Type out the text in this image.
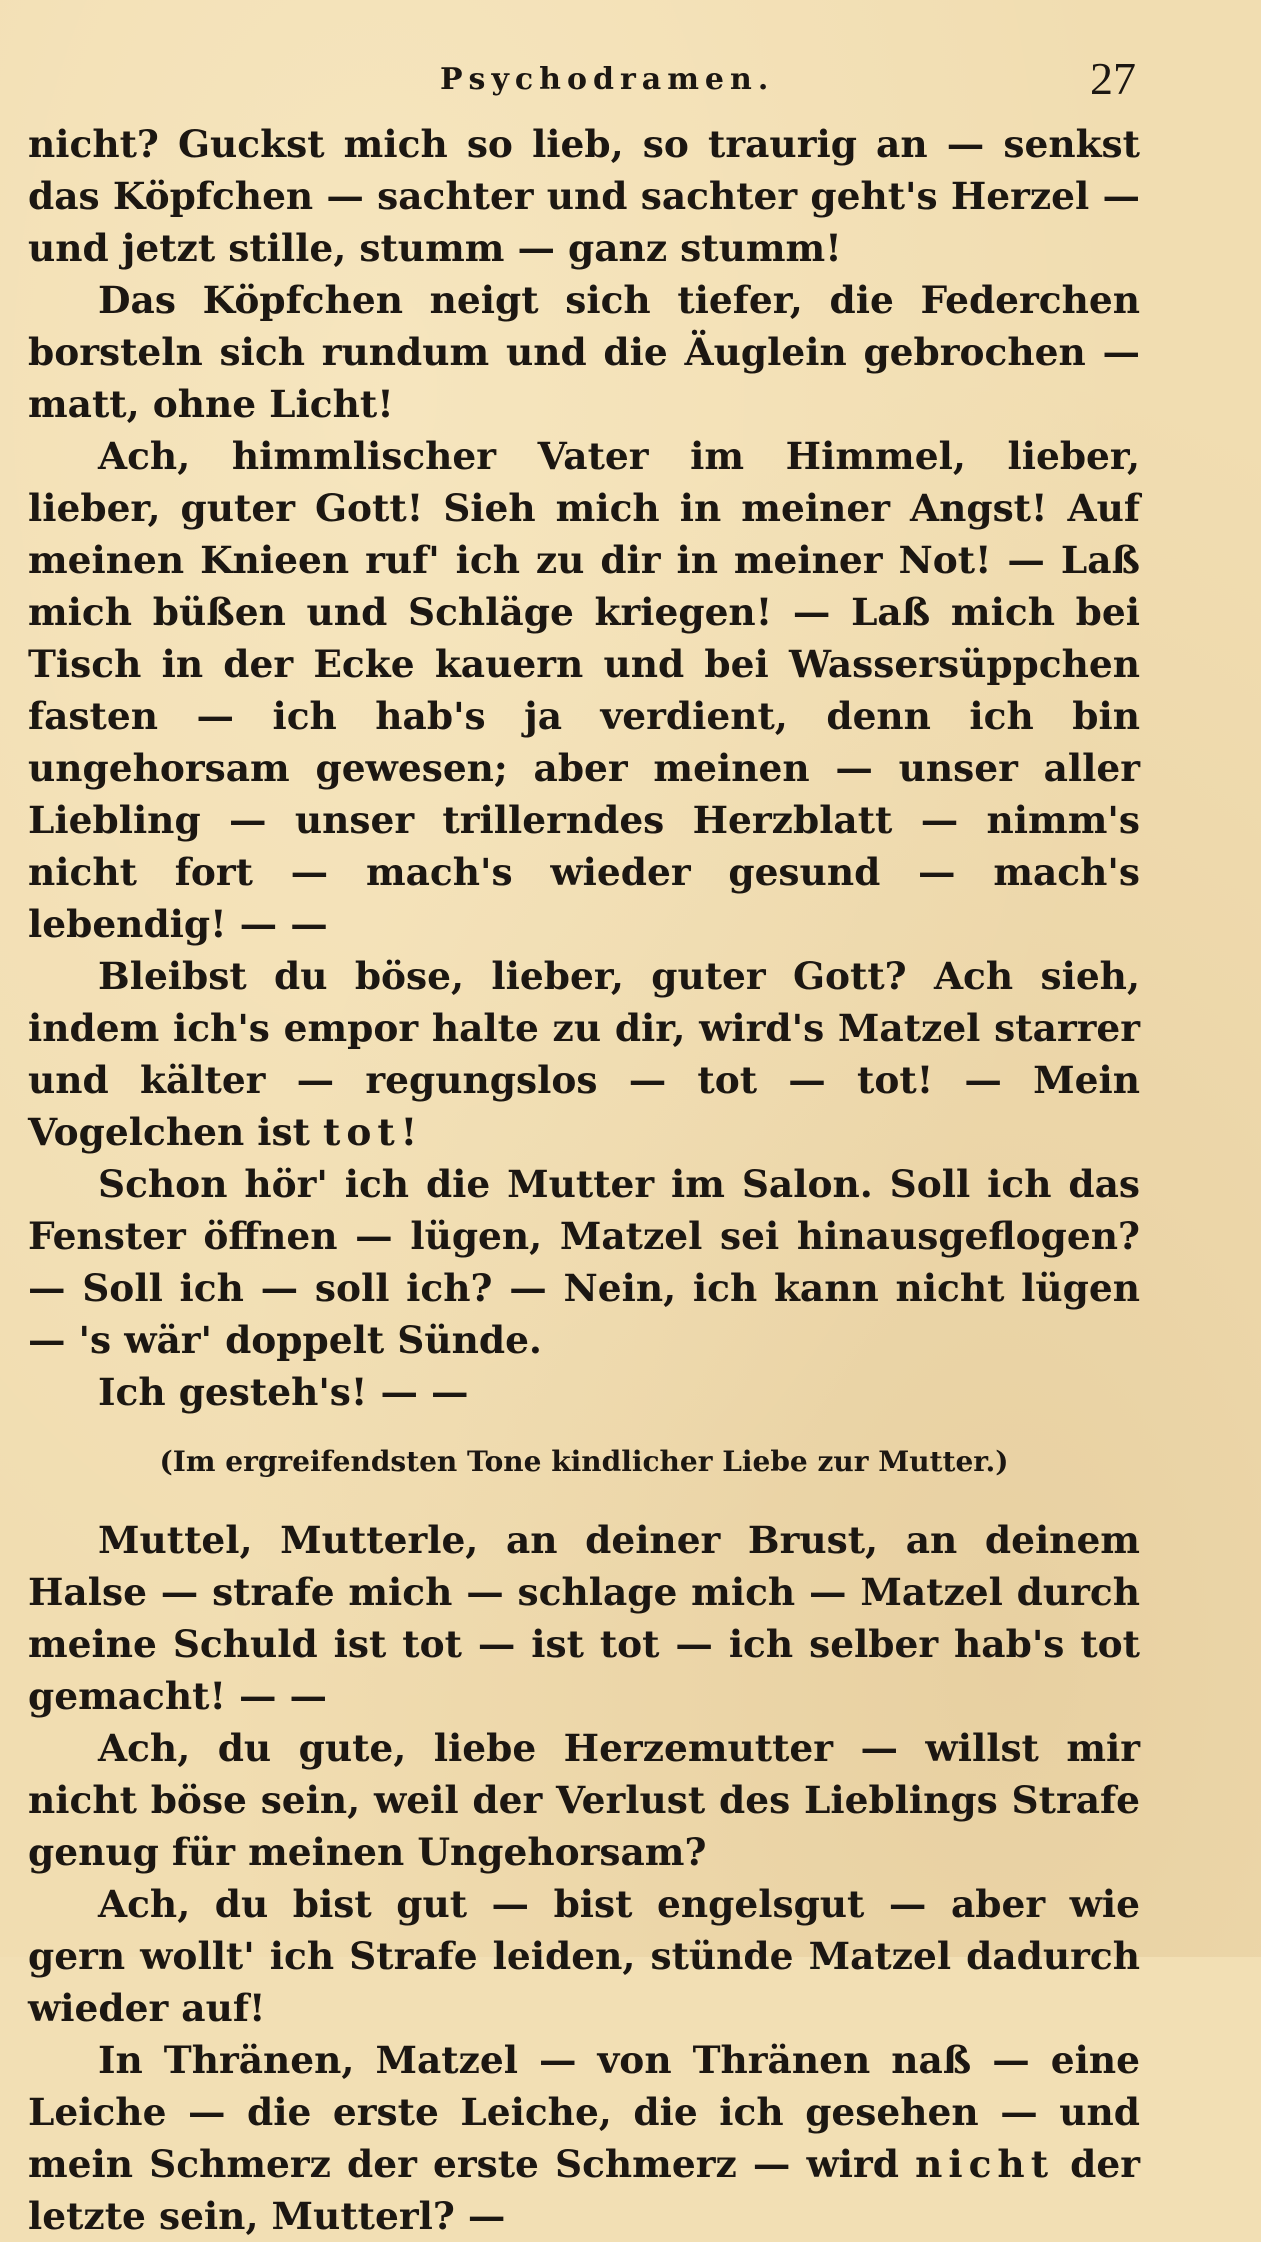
Psychodramen.	27

nicht? Guckst mich so lieb, so traurig an — senkst das Köpfchen — sachter und sachter geht's Herzel — und jetzt stille, stumm — ganz stumm!

Das Köpfchen neigt sich tiefer, die Federchen borsteln sich rundum und die Äuglein gebrochen — matt, ohne Licht!

Ach, himmlischer Vater im Himmel, lieber, lieber, guter Gott! Sieh mich in meiner Angst! Auf meinen Knieen ruf' ich zu dir in meiner Not! — Laß mich büßen und Schläge kriegen! — Laß mich bei Tisch in der Ecke kauern und bei Wassersüppchen fasten — ich hab's ja verdient, denn ich bin ungehorsam gewesen; aber meinen — unser aller Liebling — unser trillerndes Herzblatt — nimm's nicht fort — mach's wieder gesund — mach's lebendig! — —

Bleibst du böse, lieber, guter Gott? Ach sieh, indem ich's empor halte zu dir, wird's Matzel starrer und kälter — regungslos — tot — tot! — Mein Vogelchen ist tot!

Schon hör' ich die Mutter im Salon. Soll ich das Fenster öffnen — lügen, Matzel sei hinausgeflogen? — Soll ich — soll ich? — Nein, ich kann nicht lügen — 's wär' doppelt Sünde.

Ich gesteh's! — —

(Im ergreifendsten Tone kindlicher Liebe zur Mutter.)

Muttel, Mutterle, an deiner Brust, an deinem Halse — strafe mich — schlage mich — Matzel durch meine Schuld ist tot — ist tot — ich selber hab's tot gemacht! — —

Ach, du gute, liebe Herzemutter — willst mir nicht böse sein, weil der Verlust des Lieblings Strafe genug für meinen Ungehorsam?

Ach, du bist gut — bist engelsgut — aber wie gern wollt' ich Strafe leiden, stünde Matzel dadurch wieder auf!

In Thränen, Matzel — von Thränen naß — eine Leiche — die erste Leiche, die ich gesehen — und mein Schmerz der erste Schmerz — wird nicht der letzte sein, Mutterl? —
